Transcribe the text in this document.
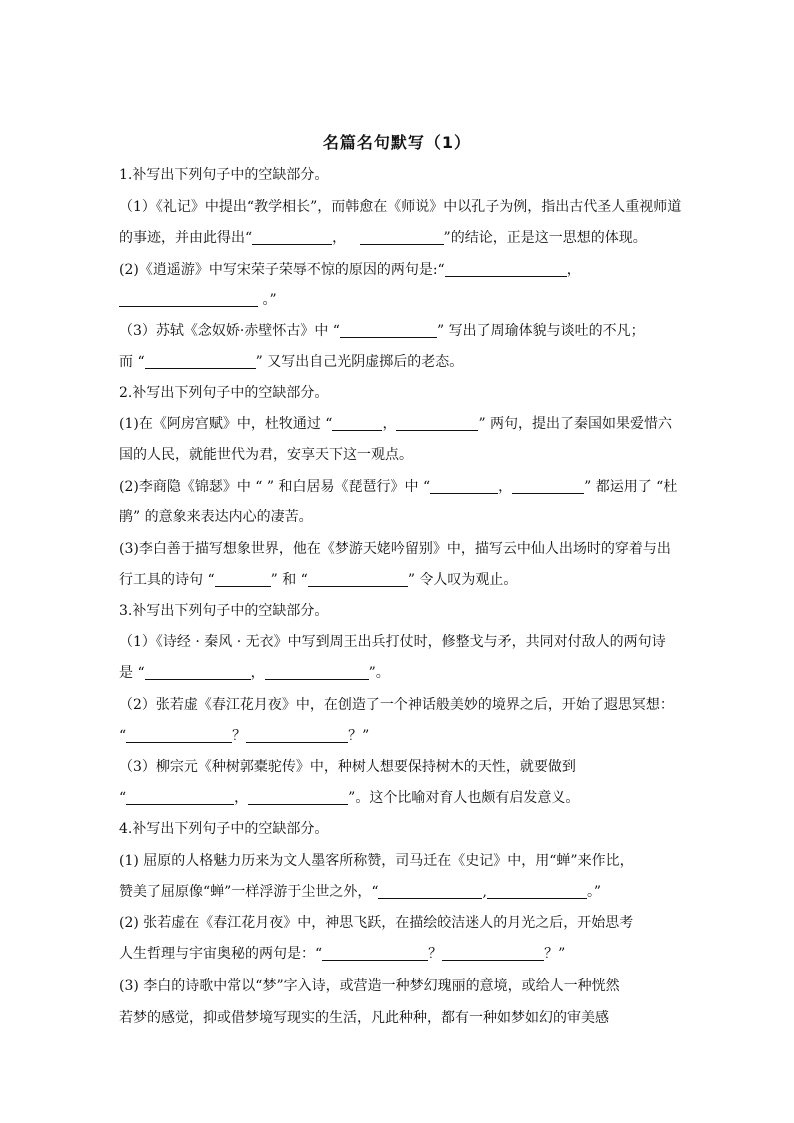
名篇名句默写（1）
1.补写出下列句子中的空缺部分。
（1）《礼记》中提出“教学相长”，而韩愈在《师说》中以孔子为例，指出古代圣人重视师道
的事迹，并由此得出“	，	”的结论，正是这一思想的体现。
(2)《逍遥游》中写宋荣子荣辱不惊的原因的两句是:“	，
。”
（3）苏轼《念奴娇·赤壁怀古》中 “	” 写出了周瑜体貌与谈吐的不凡；
而 “	” 又写出自己光阴虚掷后的老态。
2.补写出下列句子中的空缺部分。
(1)在《阿房宫赋》中，杜牧通过 “	，	” 两句，提出了秦国如果爱惜六
国的人民，就能世代为君，安享天下这一观点。
(2)李商隐《锦瑟》中 “ ” 和白居易《琵琶行》中 “	，	” 都运用了 “杜
鹃” 的意象来表达内心的凄苦。
(3)李白善于描写想象世界，他在《梦游天姥吟留别》中，描写云中仙人出场时的穿着与出
行工具的诗句 “	” 和 “	” 令人叹为观止。
3.补写出下列句子中的空缺部分。
（1）《诗经 · 秦风 · 无衣》中写到周王出兵打仗时，修整戈与矛，共同对付敌人的两句诗
是 “	，	”。
（2）张若虚《春江花月夜》中，在创造了一个神话般美妙的境界之后，开始了遐思冥想：
“	？	？”
（3）柳宗元《种树郭橐驼传》中，种树人想要保持树木的天性，就要做到
“	，	”。这个比喻对育人也颇有启发意义。
4.补写出下列句子中的空缺部分。
(1) 屈原的人格魅力历来为文人墨客所称赞，司马迁在《史记》中，用“蝉”来作比，
赞美了屈原像“蝉”一样浮游于尘世之外，“	,	。”
(2) 张若虚在《春江花月夜》中，神思飞跃，在描绘皎洁迷人的月光之后，开始思考
人生哲理与宇宙奥秘的两句是：“	？	？”
(3) 李白的诗歌中常以“梦”字入诗，或营造一种梦幻瑰丽的意境，或给人一种恍然
若梦的感觉，抑或借梦境写现实的生活，凡此种种，都有一种如梦如幻的审美感
